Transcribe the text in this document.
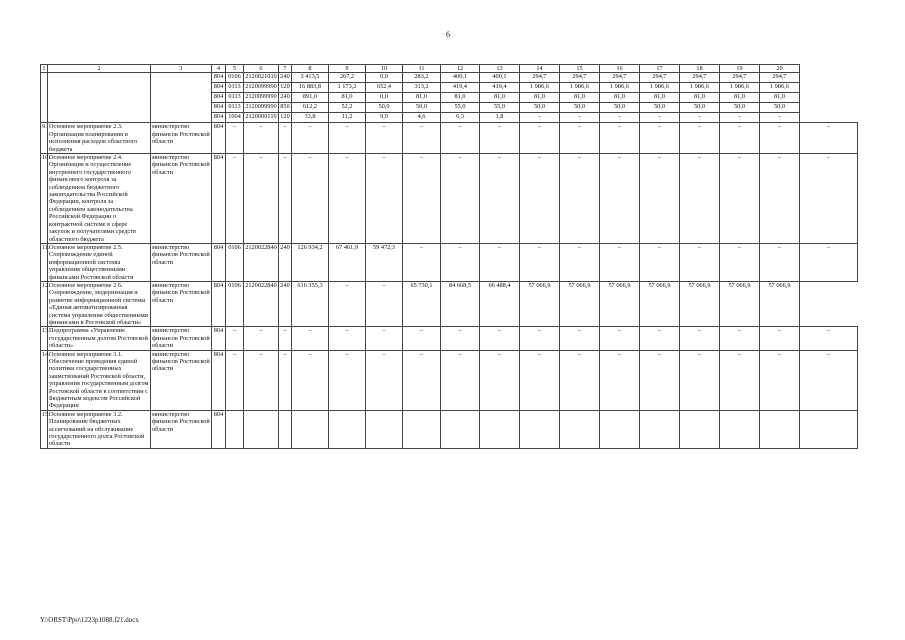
6
1	2	3	4	5	6	7	8	9	10	11	12	13	14	15	16	17	18	19	20	
			804	0106	2120021010	240	3 413,5	267,2	0,0	283,2	400,1	400,1	294,7	294,7	294,7	294,7	294,7	294,7	294,7	
			804	0113	2120099990	120	16 883,8	1 173,2	652,4	313,2	419,4	419,4	1 986,6	1 986,6	1 986,6	1 986,6	1 986,6	1 986,6	1 986,6	
			804	0113	2120099990	240	891,0	81,0	0,0	81,0	81,0	81,0	81,0	81,0	81,0	81,0	81,0	81,0	81,0	
			804	0113	2120099990	850	612,2	52,2	50,0	50,0	55,0	55,0	50,0	50,0	50,0	50,0	50,0	50,0	50,0	
			804	1004	2120000110	120	33,8	11,2	9,9	4,6	6,3	1,8	–	–	–	–	–	–	–	
9.	Основное мероприятие 2.3. Организация планирования и исполнения расходов областного бюджета	министерство финансов Ростовской области	804	–	–	–	–	–	–	–	–	–	–	–	–	–	–	–	–	–
10.	Основное мероприятие 2.4. Организация и осуществление внутреннего государственного финансового контроля за соблюдением бюджетного законодательства Российской Федерации, контроля за соблюдением законодательства Российской Федерации о контрактной системе в сфере закупок и получателями средств областного бюджета	министерство финансов Ростовской области	804	–	–	–	–	–	–	–	–	–	–	–	–	–	–	–	–	–
11.	Основное мероприятие 2.5. Сопровождение единой информационной системы управления общественными финансами Ростовской области	министерство финансов Ростовской области	804	0106	2120022840	240	126 934,2	67 461,9	59 472,3	–	–	–	–	–	–	–	–	–	–	–
12.	Основное мероприятие 2.6. Сопровождение, модернизация и развитие информационной системы «Единая автоматизированная система управления общественными финансами в Ростовской области»	министерство финансов Ростовской области	804	0106	2120022840	240	616 355,3	–	–	65 730,1	84 668,5	66 488,4	57 066,9	57 066,9	57 066,9	57 066,9	57 066,9	57 066,9	57 066,9	
13.	Подпрограмма «Управление государственным долгом Ростовской области»	министерство финансов Ростовской области	804	–	–	–	–	–	–	–	–	–	–	–	–	–	–	–	–	–
14.	Основное мероприятие 3.1. Обеспечение проведения единой политики государственных заимствований Ростовской области, управления государственным долгом Ростовской области в соответствии с Бюджетным кодексом Российской Федерации	министерство финансов Ростовской области	804	–	–	–	–	–	–	–	–	–	–	–	–	–	–	–	–	–
15.	Основное мероприятие 3.2. Планирование бюджетных ассигнований на обслуживание государственного долга Ростовской области	министерство финансов Ростовской области	804																	
Y:\ORST\Ppo\1223p1088.f21.docx
